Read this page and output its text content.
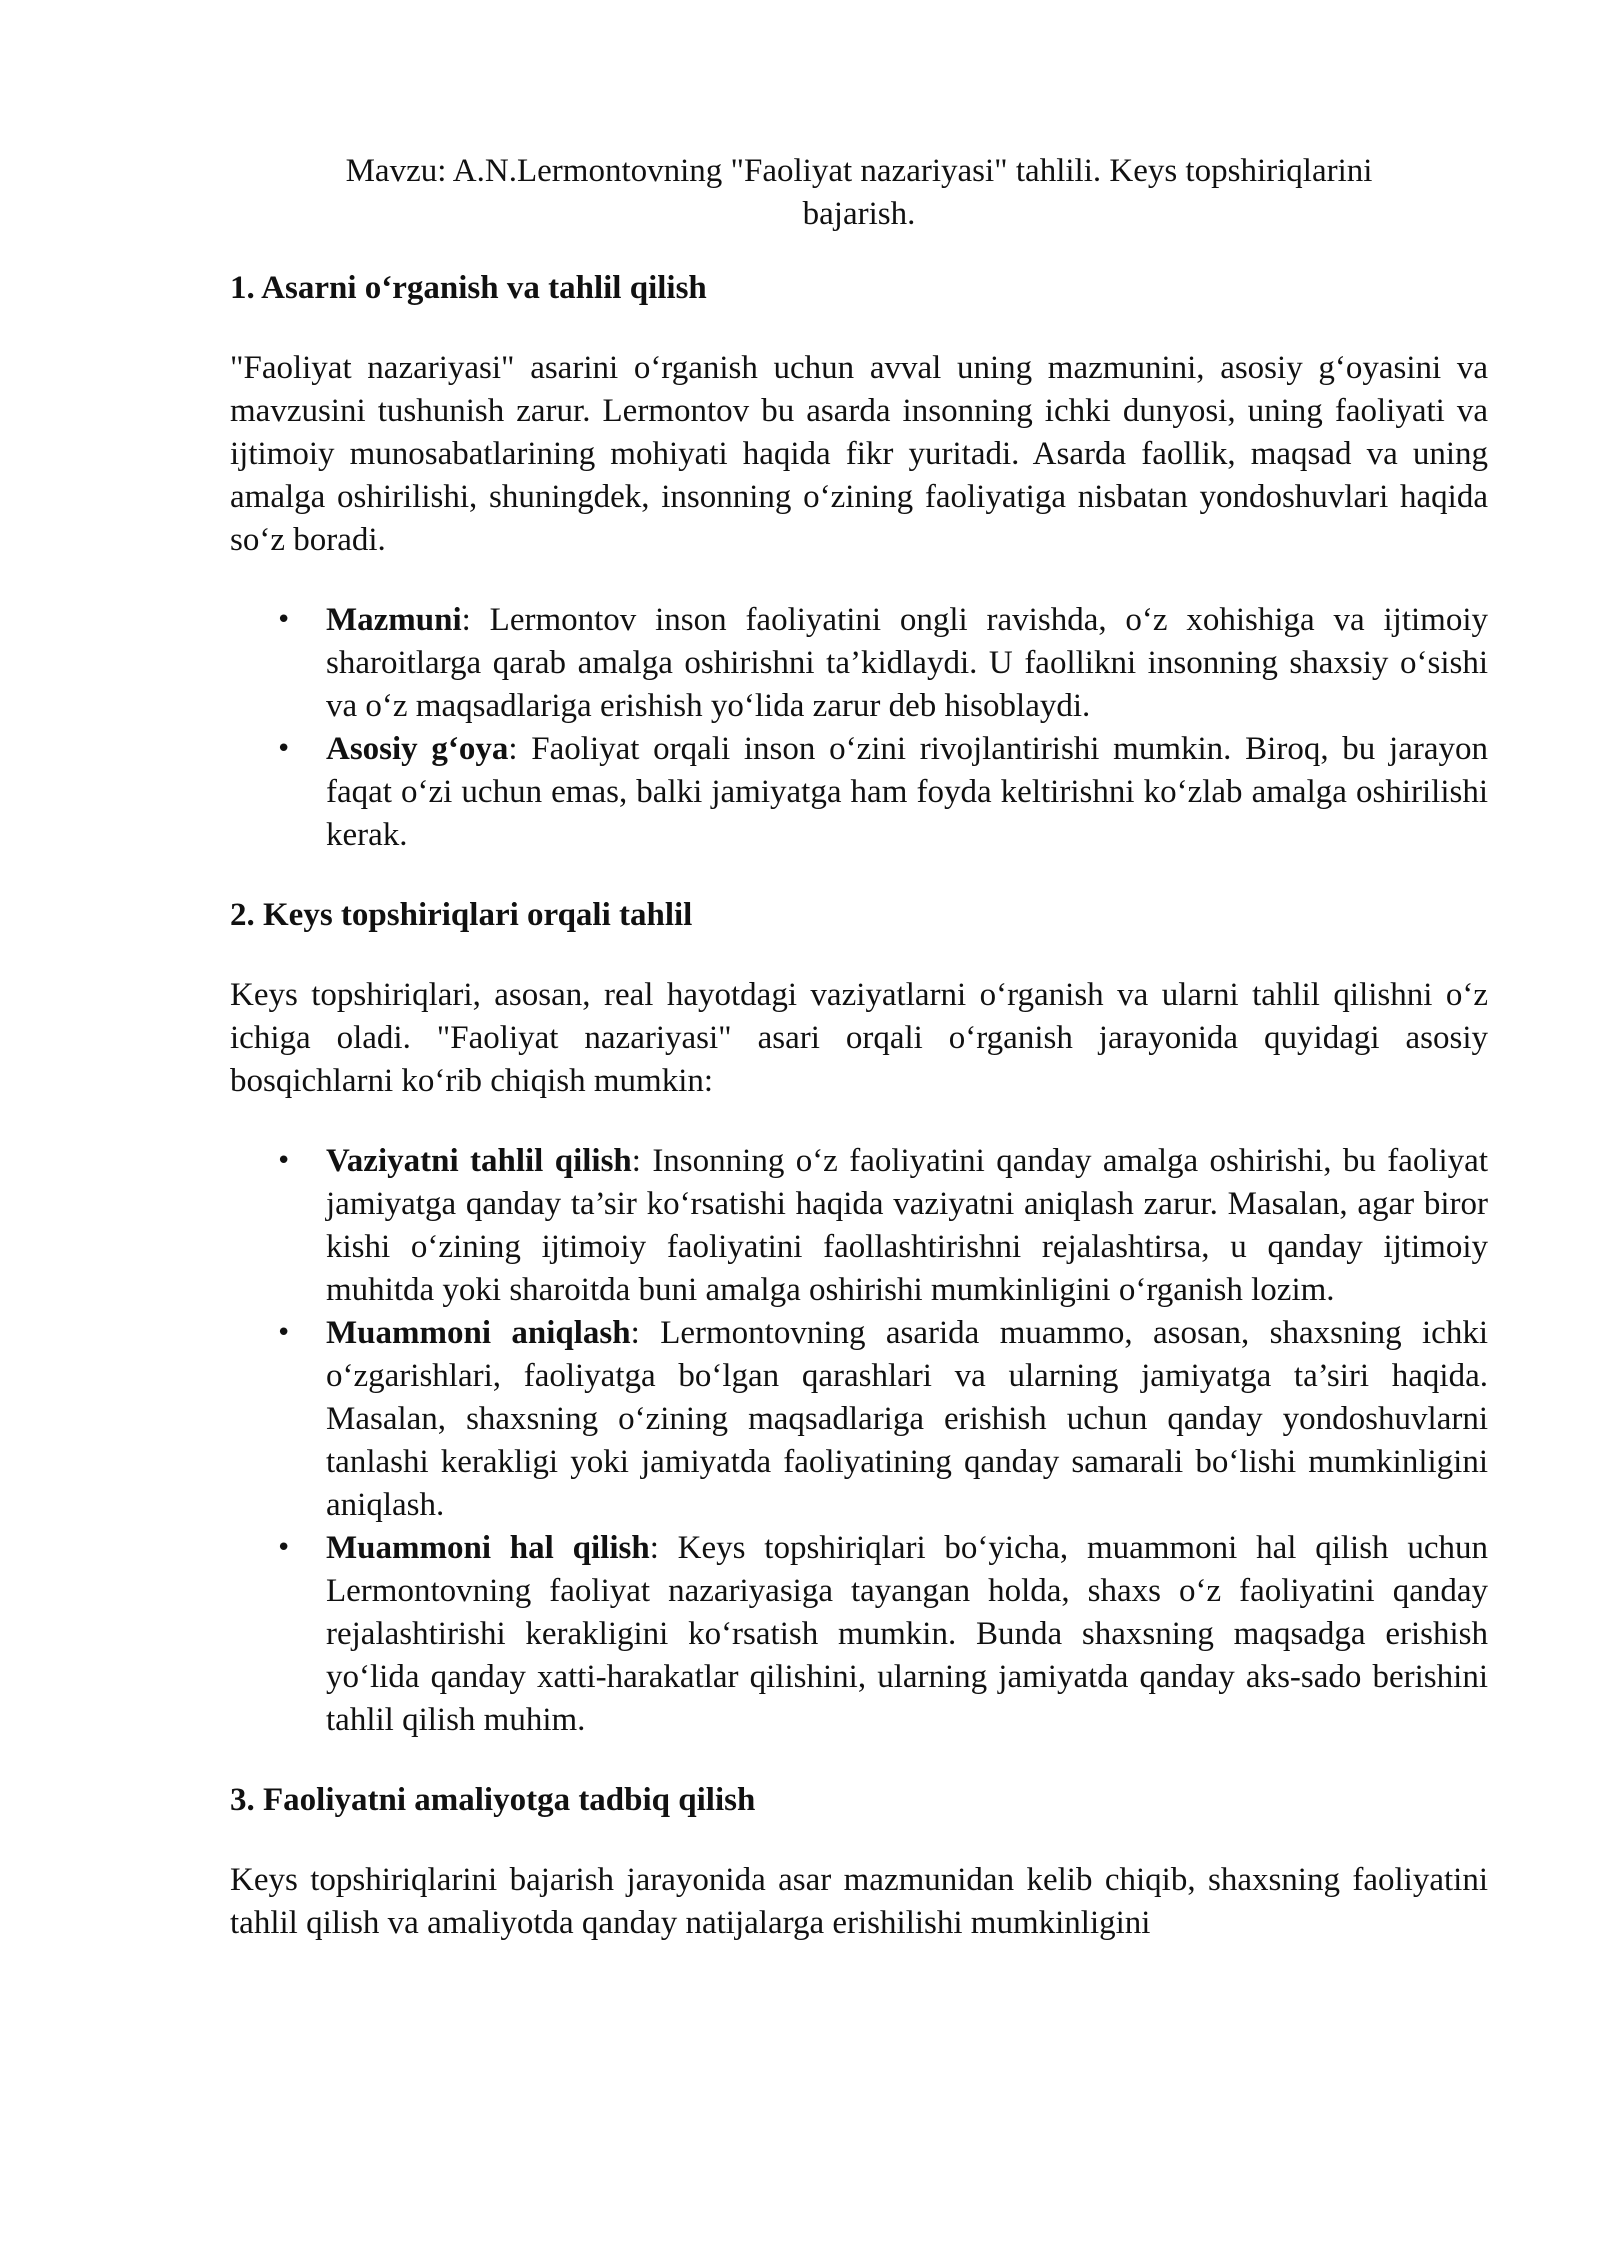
Mavzu: A.N.Lermontovning "Faoliyat nazariyasi" tahlili. Keys topshiriqlarini
bajarish.
1. Asarni o‘rganish va tahlil qilish

"Faoliyat nazariyasi" asarini o‘rganish uchun avval uning mazmunini, asosiy g‘oyasini va mavzusini tushunish zarur. Lermontov bu asarda insonning ichki dunyosi, uning faoliyati va ijtimoiy munosabatlarining mohiyati haqida fikr yuritadi. Asarda faollik, maqsad va uning amalga oshirilishi, shuningdek, insonning o‘zining faoliyatiga nisbatan yondoshuvlari haqida so‘z boradi.

• Mazmuni: Lermontov inson faoliyatini ongli ravishda, o‘z xohishiga va ijtimoiy sharoitlarga qarab amalga oshirishni ta’kidlaydi. U faollikni insonning shaxsiy o‘sishi va o‘z maqsadlariga erishish yo‘lida zarur deb hisoblaydi.
• Asosiy g‘oya: Faoliyat orqali inson o‘zini rivojlantirishi mumkin. Biroq, bu jarayon faqat o‘zi uchun emas, balki jamiyatga ham foyda keltirishni ko‘zlab amalga oshirilishi kerak.
2. Keys topshiriqlari orqali tahlil

Keys topshiriqlari, asosan, real hayotdagi vaziyatlarni o‘rganish va ularni tahlil qilishni o‘z ichiga oladi. "Faoliyat nazariyasi" asari orqali o‘rganish jarayonida quyidagi asosiy bosqichlarni ko‘rib chiqish mumkin:

• Vaziyatni tahlil qilish: Insonning o‘z faoliyatini qanday amalga oshirishi, bu faoliyat jamiyatga qanday ta’sir ko‘rsatishi haqida vaziyatni aniqlash zarur. Masalan, agar biror kishi o‘zining ijtimoiy faoliyatini faollashtirishni rejalashtirsa, u qanday ijtimoiy muhitda yoki sharoitda buni amalga oshirishi mumkinligini o‘rganish lozim.
• Muammoni aniqlash: Lermontovning asarida muammo, asosan, shaxsning ichki o‘zgarishlari, faoliyatga bo‘lgan qarashlari va ularning jamiyatga ta’siri haqida. Masalan, shaxsning o‘zining maqsadlariga erishish uchun qanday yondoshuvlarni tanlashi kerakligi yoki jamiyatda faoliyatining qanday samarali bo‘lishi mumkinligini aniqlash.
• Muammoni hal qilish: Keys topshiriqlari bo‘yicha, muammoni hal qilish uchun Lermontovning faoliyat nazariyasiga tayangan holda, shaxs o‘z faoliyatini qanday rejalashtirishi kerakligini ko‘rsatish mumkin. Bunda shaxsning maqsadga erishish yo‘lida qanday xatti-harakatlar qilishini, ularning jamiyatda qanday aks-sado berishini tahlil qilish muhim.
3. Faoliyatni amaliyotga tadbiq qilish

Keys topshiriqlarini bajarish jarayonida asar mazmunidan kelib chiqib, shaxsning faoliyatini tahlil qilish va amaliyotda qanday natijalarga erishilishi mumkinligini
